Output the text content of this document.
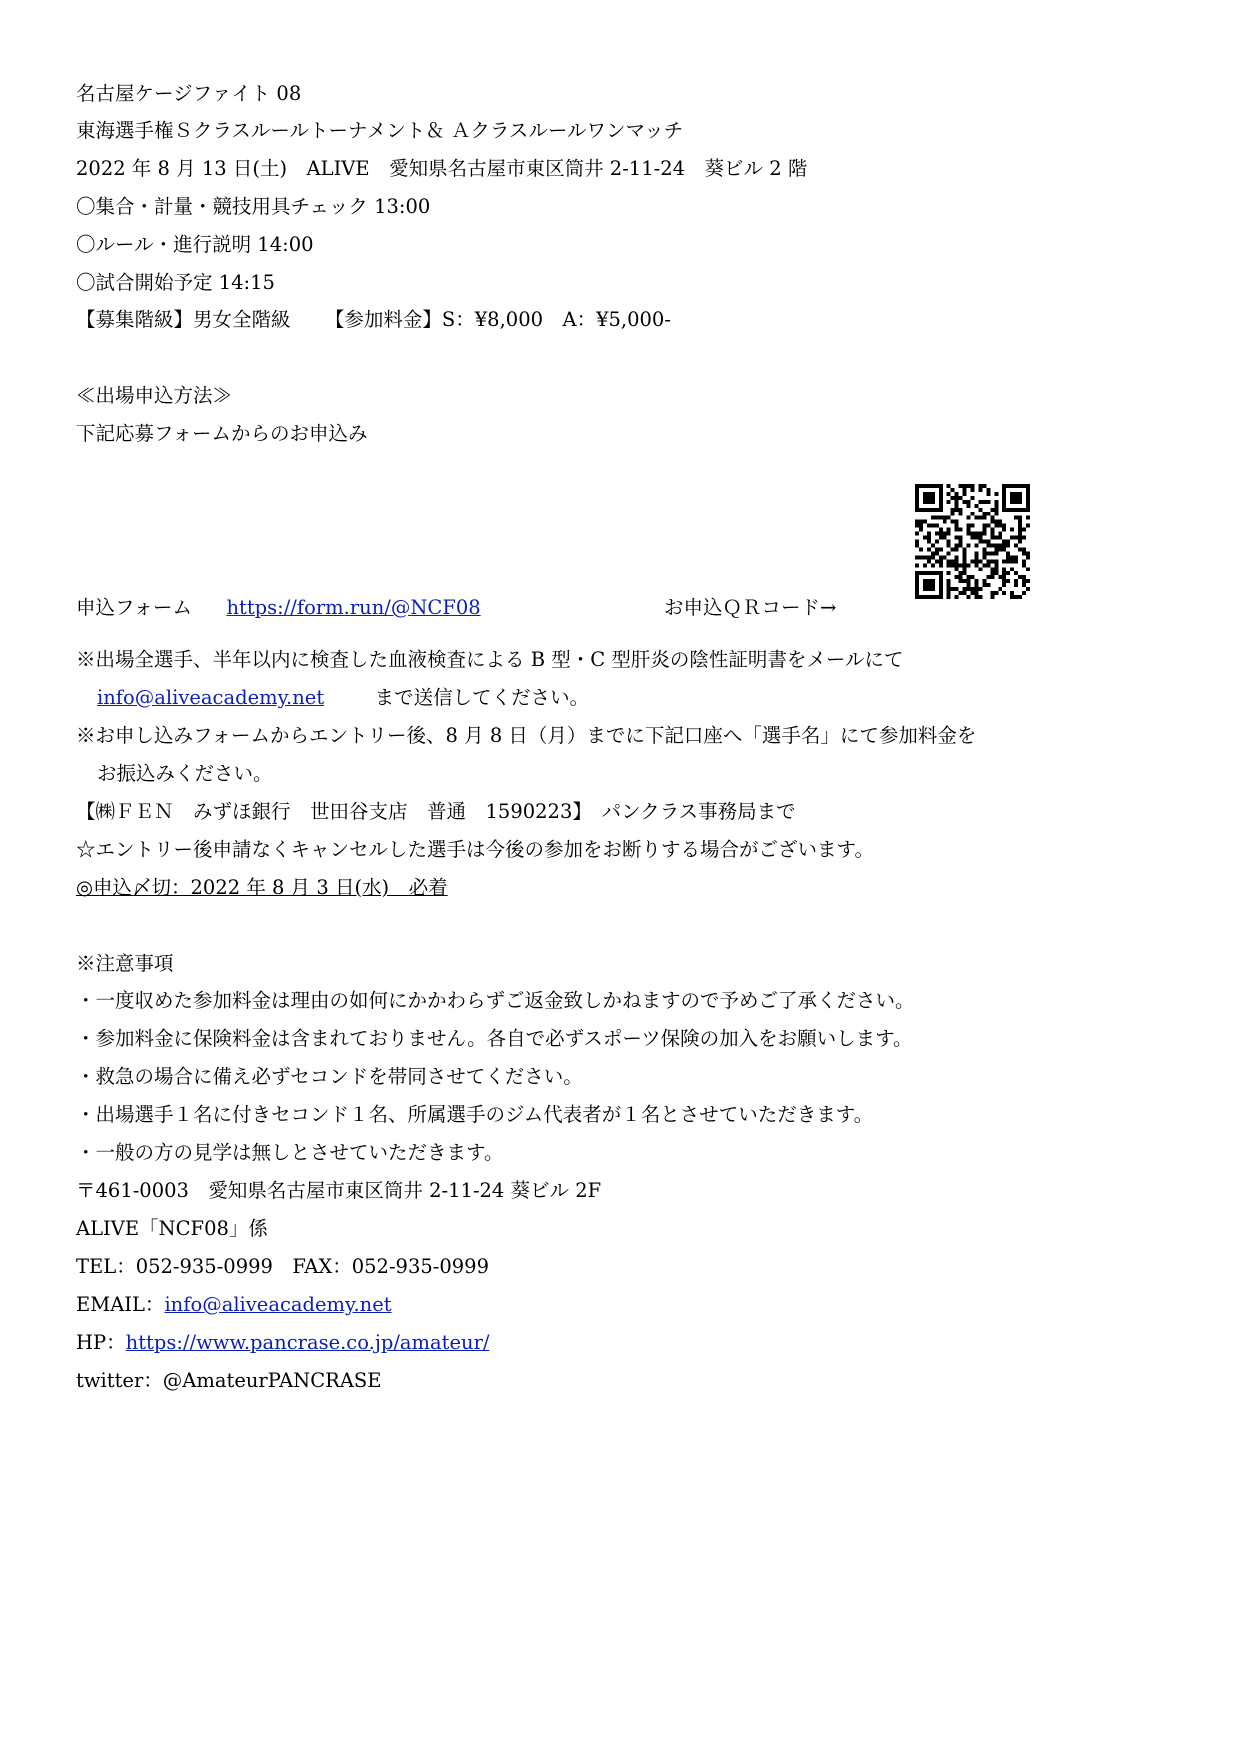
名古屋ケージファイト 08
東海選手権Ｓクラスルールトーナメント＆ Ａクラスルールワンマッチ
2022 年 8 月 13 日(土)　ALIVE　愛知県名古屋市東区筒井 2-11-24　葵ビル 2 階
〇集合・計量・競技用具チェック 13:00
〇ルール・進行説明 14:00
〇試合開始予定 14:15
【募集階級】男女全階級 【参加料金】S：¥8,000　A：¥5,000-
≪出場申込方法≫
下記応募フォームからのお申込み
申込フォーム https://form.run/@NCF08	お申込ＱＲコード→
※出場全選手、半年以内に検査した血液検査による B 型・C 型肝炎の陰性証明書をメールにて
info@aliveacademy.net	まで送信してください。
※お申し込みフォームからエントリー後、8 月 8 日（月）までに下記口座へ「選手名」にて参加料金を
お振込みください。
【㈱ＦＥＮ　みずほ銀行　世田谷支店　普通　1590223】　パンクラス事務局まで
☆エントリー後申請なくキャンセルした選手は今後の参加をお断りする場合がございます。
◎申込〆切：2022 年 8 月 3 日(水)　必着
※注意事項
・一度収めた参加料金は理由の如何にかかわらずご返金致しかねますので予めご了承ください。
・参加料金に保険料金は含まれておりません。各自で必ずスポーツ保険の加入をお願いします。
・救急の場合に備え必ずセコンドを帯同させてください。
・出場選手１名に付きセコンド１名、所属選手のジム代表者が１名とさせていただきます。
・一般の方の見学は無しとさせていただきます。
〒461-0003　愛知県名古屋市東区筒井 2-11-24 葵ビル 2F
ALIVE「NCF08」係
TEL：052-935-0999　FAX：052-935-0999
EMAIL：info@aliveacademy.net
HP：https://www.pancrase.co.jp/amateur/
twitter：@AmateurPANCRASE
